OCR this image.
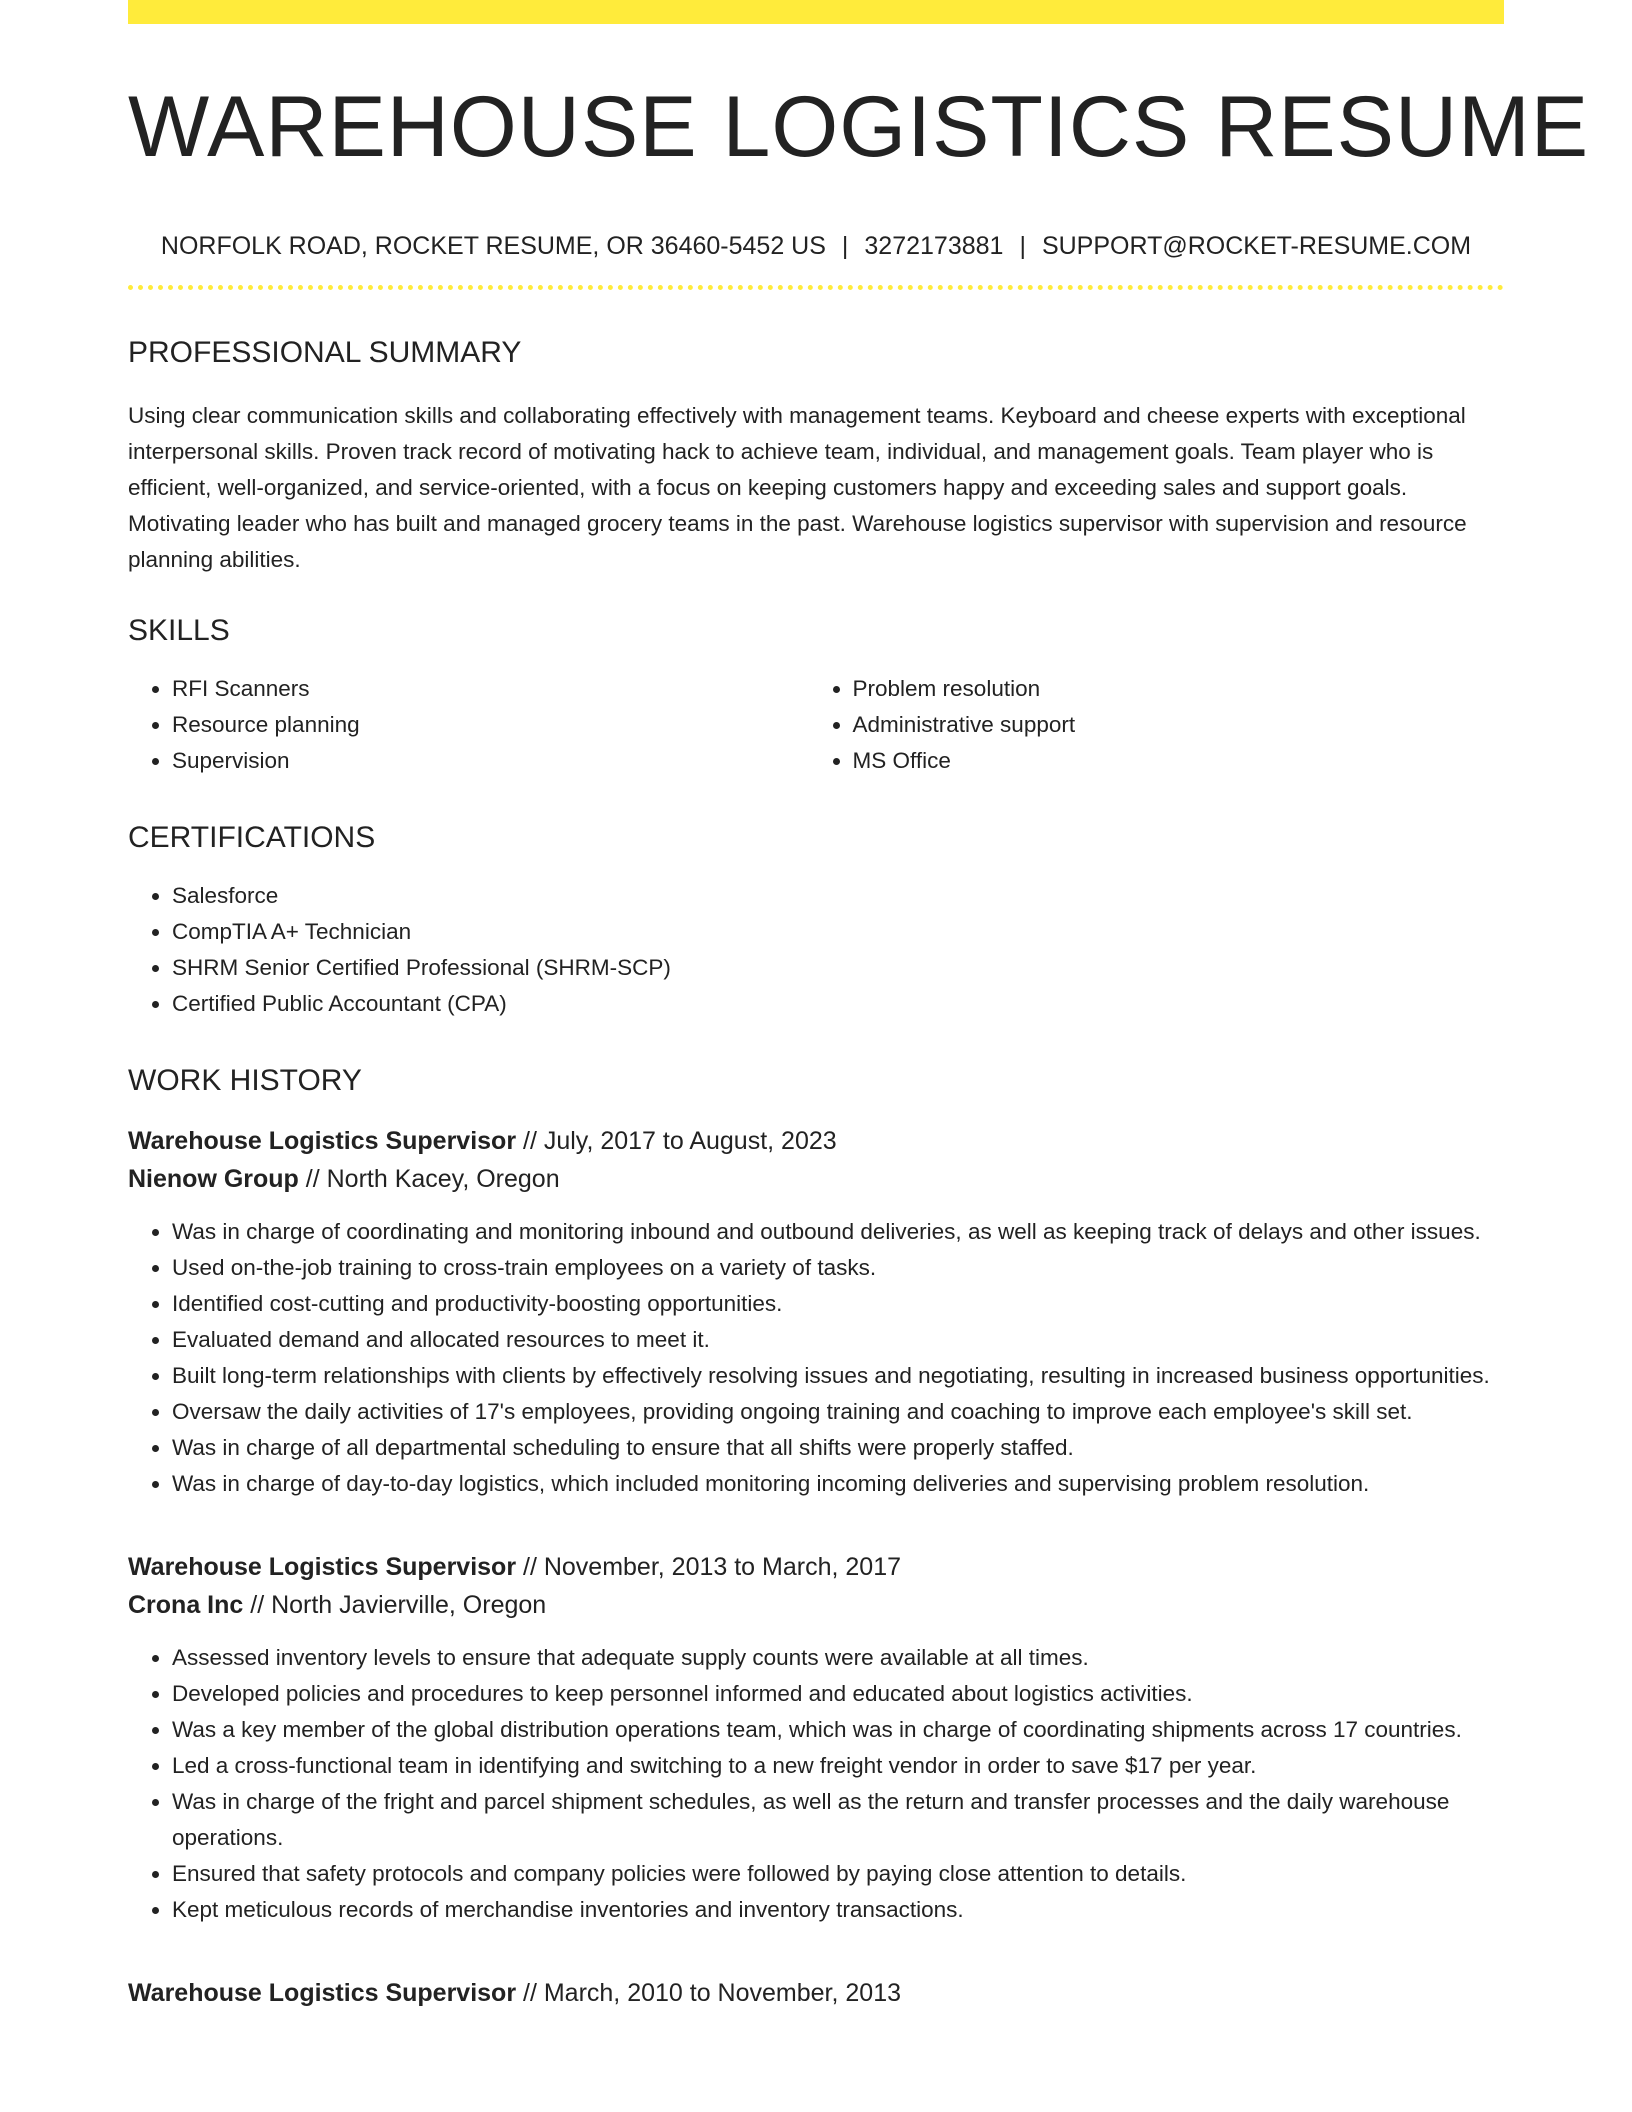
WAREHOUSE LOGISTICS RESUME
NORFOLK ROAD, ROCKET RESUME, OR 36460-5452 US | 3272173881 | SUPPORT@ROCKET-RESUME.COM
PROFESSIONAL SUMMARY

Using clear communication skills and collaborating effectively with management teams. Keyboard and cheese experts with exceptional interpersonal skills. Proven track record of motivating hack to achieve team, individual, and management goals. Team player who is efficient, well-organized, and service-oriented, with a focus on keeping customers happy and exceeding sales and support goals. Motivating leader who has built and managed grocery teams in the past. Warehouse logistics supervisor with supervision and resource planning abilities.

SKILLS
• RFI Scanners
• Resource planning
• Supervision
• Problem resolution
• Administrative support
• MS Office
CERTIFICATIONS
• Salesforce
• CompTIA A+ Technician
• SHRM Senior Certified Professional (SHRM-SCP)
• Certified Public Accountant (CPA)
WORK HISTORY
Warehouse Logistics Supervisor // July, 2017 to August, 2023
Nienow Group // North Kacey, Oregon
• Was in charge of coordinating and monitoring inbound and outbound deliveries, as well as keeping track of delays and other issues.
• Used on-the-job training to cross-train employees on a variety of tasks.
• Identified cost-cutting and productivity-boosting opportunities.
• Evaluated demand and allocated resources to meet it.
• Built long-term relationships with clients by effectively resolving issues and negotiating, resulting in increased business opportunities.
• Oversaw the daily activities of 17's employees, providing ongoing training and coaching to improve each employee's skill set.
• Was in charge of all departmental scheduling to ensure that all shifts were properly staffed.
• Was in charge of day-to-day logistics, which included monitoring incoming deliveries and supervising problem resolution.
Warehouse Logistics Supervisor // November, 2013 to March, 2017
Crona Inc // North Javierville, Oregon
• Assessed inventory levels to ensure that adequate supply counts were available at all times.
• Developed policies and procedures to keep personnel informed and educated about logistics activities.
• Was a key member of the global distribution operations team, which was in charge of coordinating shipments across 17 countries.
• Led a cross-functional team in identifying and switching to a new freight vendor in order to save $17 per year.
• Was in charge of the fright and parcel shipment schedules, as well as the return and transfer processes and the daily warehouse operations.
• Ensured that safety protocols and company policies were followed by paying close attention to details.
• Kept meticulous records of merchandise inventories and inventory transactions.
Warehouse Logistics Supervisor // March, 2010 to November, 2013
